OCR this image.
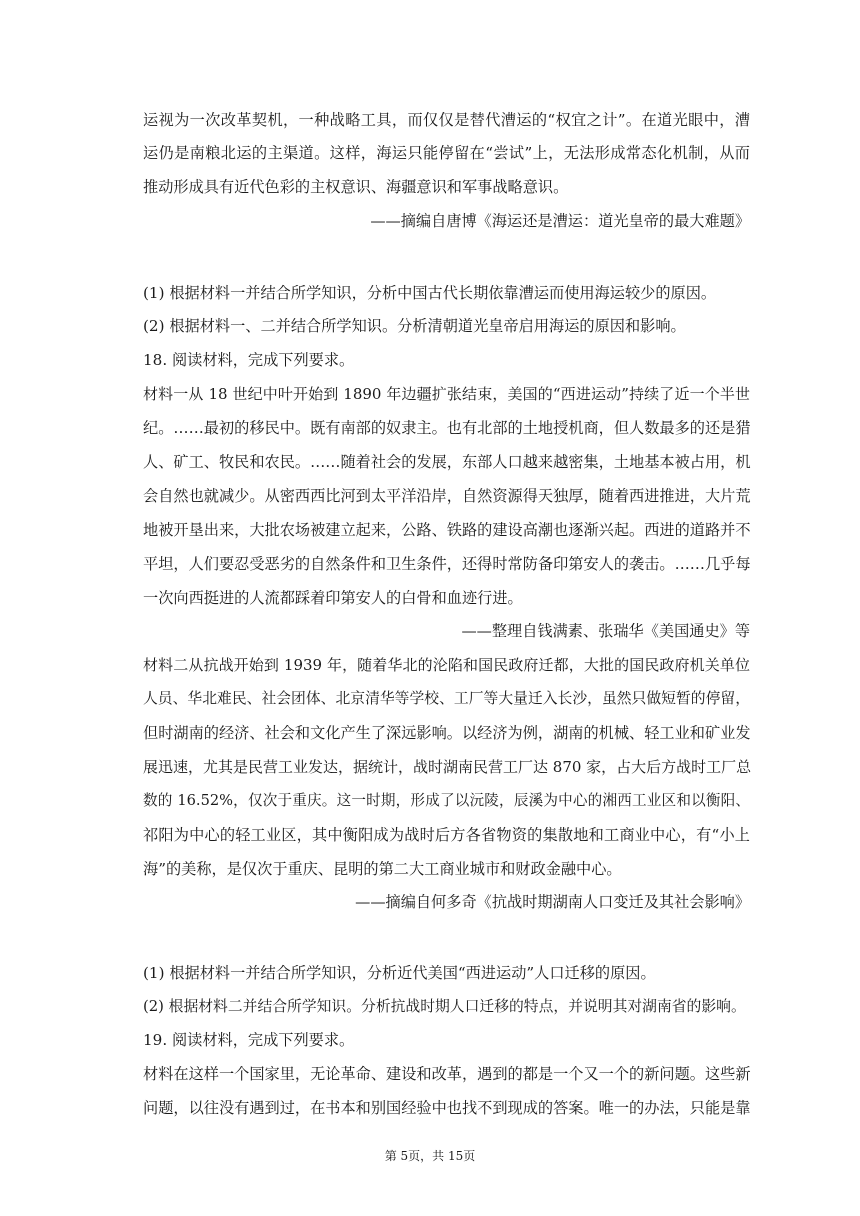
运视为一次改革契机，一种战略工具，而仅仅是替代漕运的“权宜之计”。在道光眼中，漕
运仍是南粮北运的主渠道。这样，海运只能停留在“尝试”上，无法形成常态化机制，从而
推动形成具有近代色彩的主权意识、海疆意识和军事战略意识。
——摘编自唐博《海运还是漕运：道光皇帝的最大难题》
(1) 根据材料一并结合所学知识，分析中国古代长期依靠漕运而使用海运较少的原因。
(2) 根据材料一、二并结合所学知识。分析清朝道光皇帝启用海运的原因和影响。
18. 阅读材料，完成下列要求。
材料一从 18 世纪中叶开始到 1890 年边疆扩张结束，美国的“西进运动”持续了近一个半世
纪。……最初的移民中。既有南部的奴隶主。也有北部的土地授机商，但人数最多的还是猎
人、矿工、牧民和农民。……随着社会的发展，东部人口越来越密集，土地基本被占用，机
会自然也就减少。从密西西比河到太平洋沿岸，自然资源得天独厚，随着西进推进，大片荒
地被开垦出来，大批农场被建立起来，公路、铁路的建设高潮也逐渐兴起。西进的道路并不
平坦，人们要忍受恶劣的自然条件和卫生条件，还得时常防备印第安人的袭击。……几乎每
一次向西挺进的人流都踩着印第安人的白骨和血迹行进。
——整理自钱满素、张瑞华《美国通史》等
材料二从抗战开始到 1939 年，随着华北的沦陷和国民政府迁都，大批的国民政府机关单位
人员、华北难民、社会团体、北京清华等学校、工厂等大量迁入长沙，虽然只做短暂的停留，
但时湖南的经济、社会和文化产生了深远影响。以经济为例，湖南的机械、轻工业和矿业发
展迅速，尤其是民营工业发达，据统计，战时湖南民营工厂达 870 家，占大后方战时工厂总
数的 16.52%，仅次于重庆。这一时期，形成了以沅陵，辰溪为中心的湘西工业区和以衡阳、
祁阳为中心的轻工业区，其中衡阳成为战时后方各省物资的集散地和工商业中心，有“小上
海”的美称，是仅次于重庆、昆明的第二大工商业城市和财政金融中心。
——摘编自何多奇《抗战时期湖南人口变迁及其社会影响》
(1) 根据材料一并结合所学知识，分析近代美国“西进运动”人口迁移的原因。
(2) 根据材料二并结合所学知识。分析抗战时期人口迁移的特点，并说明其对湖南省的影响。
19. 阅读材料，完成下列要求。
材料在这样一个国家里，无论革命、建设和改革，遇到的都是一个又一个的新问题。这些新
问题，以往没有遇到过，在书本和别国经验中也找不到现成的答案。唯一的办法，只能是靠
第 5页，共 15页
